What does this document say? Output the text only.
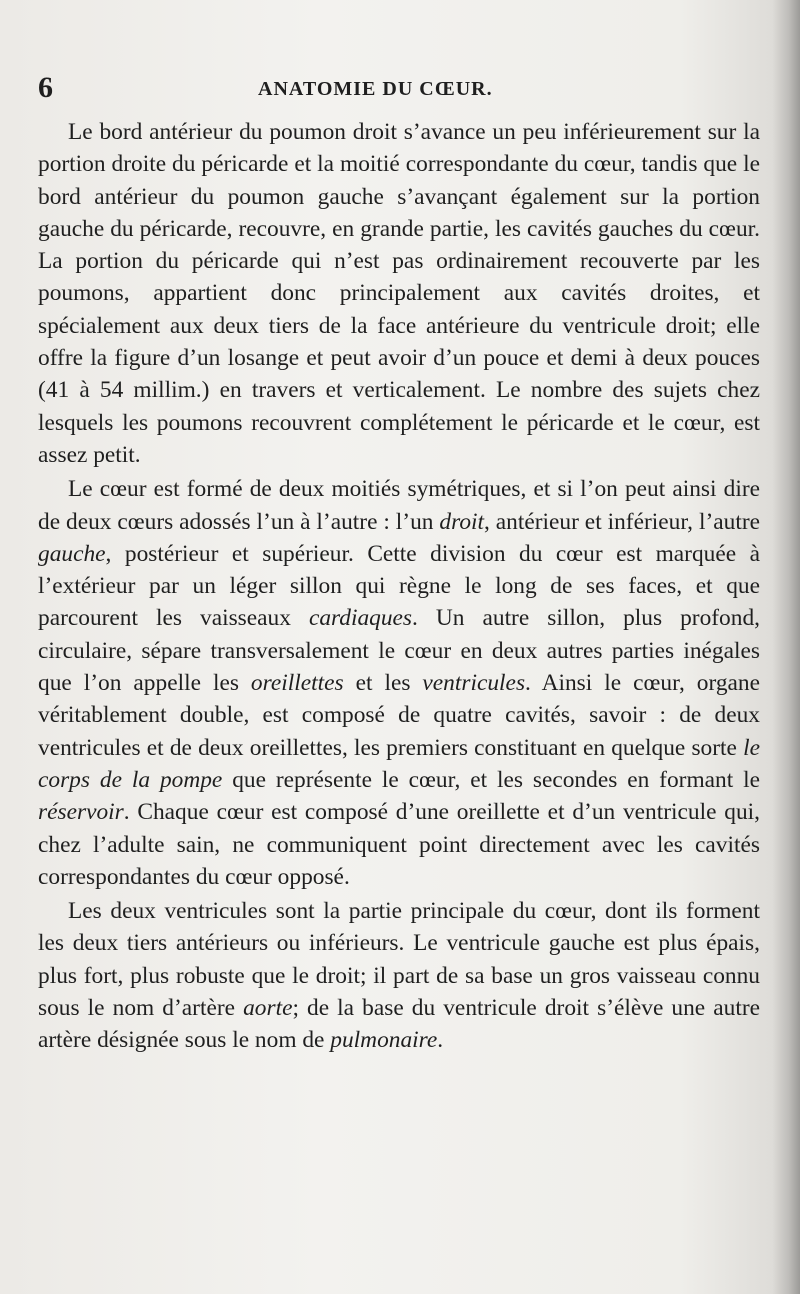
6	ANATOMIE DU CŒUR.

Le bord antérieur du poumon droit s’avance un peu inférieurement sur la portion droite du péricarde et la moitié correspondante du cœur, tandis que le bord antérieur du poumon gauche s’avançant également sur la portion gauche du péricarde, recouvre, en grande partie, les cavités gauches du cœur. La portion du péricarde qui n’est pas ordinairement recouverte par les poumons, appartient donc principalement aux cavités droites, et spécialement aux deux tiers de la face antérieure du ventricule droit; elle offre la figure d’un losange et peut avoir d’un pouce et demi à deux pouces (41 à 54 millim.) en travers et verticalement. Le nombre des sujets chez lesquels les poumons recouvrent complétement le péricarde et le cœur, est assez petit.

Le cœur est formé de deux moitiés symétriques, et si l’on peut ainsi dire de deux cœurs adossés l’un à l’autre : l’un droit, antérieur et inférieur, l’autre gauche, postérieur et supérieur. Cette division du cœur est marquée à l’extérieur par un léger sillon qui règne le long de ses faces, et que parcourent les vaisseaux cardiaques. Un autre sillon, plus profond, circulaire, sépare transversalement le cœur en deux autres parties inégales que l’on appelle les oreillettes et les ventricules. Ainsi le cœur, organe véritablement double, est composé de quatre cavités, savoir : de deux ventricules et de deux oreillettes, les premiers constituant en quelque sorte le corps de la pompe que représente le cœur, et les secondes en formant le réservoir. Chaque cœur est composé d’une oreillette et d’un ventricule qui, chez l’adulte sain, ne communiquent point directement avec les cavités correspondantes du cœur opposé.

Les deux ventricules sont la partie principale du cœur, dont ils forment les deux tiers antérieurs ou inférieurs. Le ventricule gauche est plus épais, plus fort, plus robuste que le droit; il part de sa base un gros vaisseau connu sous le nom d’artère aorte; de la base du ventricule droit s’élève une autre artère désignée sous le nom de pulmonaire.
